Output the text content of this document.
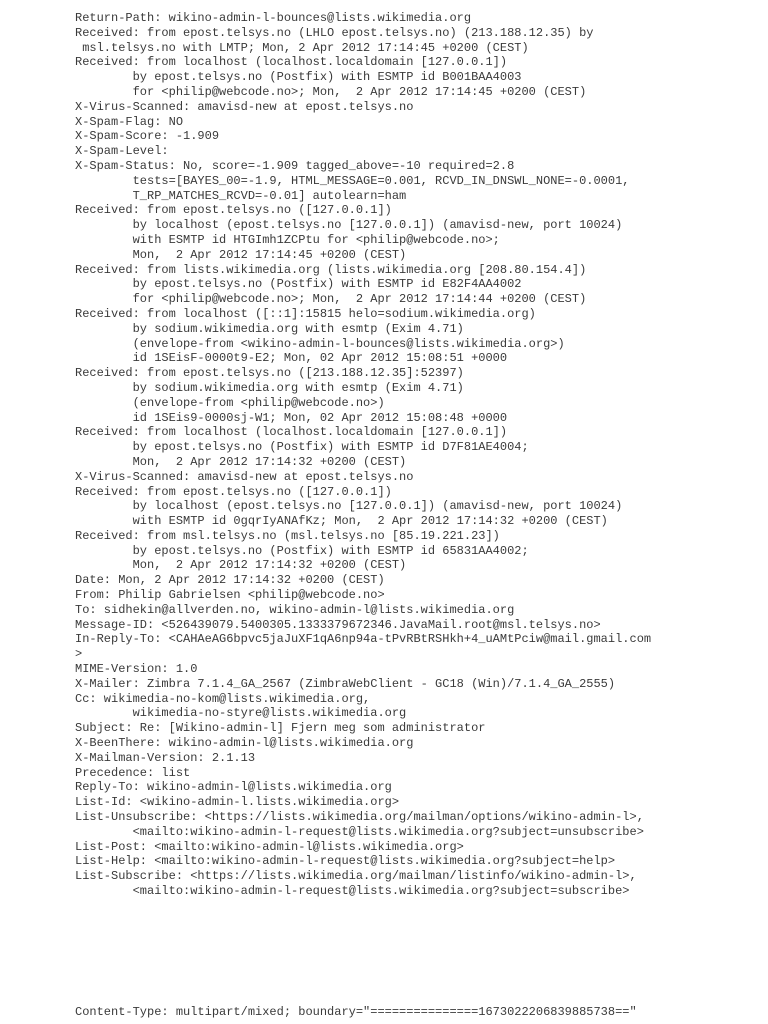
Return-Path: wikino-admin-l-bounces@lists.wikimedia.org
Received: from epost.telsys.no (LHLO epost.telsys.no) (213.188.12.35) by
msl.telsys.no with LMTP; Mon, 2 Apr 2012 17:14:45 +0200 (CEST)
Received: from localhost (localhost.localdomain [127.0.0.1])
by epost.telsys.no (Postfix) with ESMTP id B001BAA4003
for <philip@webcode.no>; Mon,  2 Apr 2012 17:14:45 +0200 (CEST)
X-Virus-Scanned: amavisd-new at epost.telsys.no
X-Spam-Flag: NO
X-Spam-Score: -1.909
X-Spam-Level:
X-Spam-Status: No, score=-1.909 tagged_above=-10 required=2.8
tests=[BAYES_00=-1.9, HTML_MESSAGE=0.001, RCVD_IN_DNSWL_NONE=-0.0001,
T_RP_MATCHES_RCVD=-0.01] autolearn=ham
Received: from epost.telsys.no ([127.0.0.1])
by localhost (epost.telsys.no [127.0.0.1]) (amavisd-new, port 10024)
with ESMTP id HTGImh1ZCPtu for <philip@webcode.no>;
Mon,  2 Apr 2012 17:14:45 +0200 (CEST)
Received: from lists.wikimedia.org (lists.wikimedia.org [208.80.154.4])
by epost.telsys.no (Postfix) with ESMTP id E82F4AA4002
for <philip@webcode.no>; Mon,  2 Apr 2012 17:14:44 +0200 (CEST)
Received: from localhost ([::1]:15815 helo=sodium.wikimedia.org)
by sodium.wikimedia.org with esmtp (Exim 4.71)
(envelope-from <wikino-admin-l-bounces@lists.wikimedia.org>)
id 1SEisF-0000t9-E2; Mon, 02 Apr 2012 15:08:51 +0000
Received: from epost.telsys.no ([213.188.12.35]:52397)
by sodium.wikimedia.org with esmtp (Exim 4.71)
(envelope-from <philip@webcode.no>)
id 1SEis9-0000sj-W1; Mon, 02 Apr 2012 15:08:48 +0000
Received: from localhost (localhost.localdomain [127.0.0.1])
by epost.telsys.no (Postfix) with ESMTP id D7F81AE4004;
Mon,  2 Apr 2012 17:14:32 +0200 (CEST)
X-Virus-Scanned: amavisd-new at epost.telsys.no
Received: from epost.telsys.no ([127.0.0.1])
by localhost (epost.telsys.no [127.0.0.1]) (amavisd-new, port 10024)
with ESMTP id 0gqrIyANAfKz; Mon,  2 Apr 2012 17:14:32 +0200 (CEST)
Received: from msl.telsys.no (msl.telsys.no [85.19.221.23])
by epost.telsys.no (Postfix) with ESMTP id 65831AA4002;
Mon,  2 Apr 2012 17:14:32 +0200 (CEST)
Date: Mon, 2 Apr 2012 17:14:32 +0200 (CEST)
From: Philip Gabrielsen <philip@webcode.no>
To: sidhekin@allverden.no, wikino-admin-l@lists.wikimedia.org
Message-ID: <526439079.5400305.1333379672346.JavaMail.root@msl.telsys.no>
In-Reply-To: <CAHAeAG6bpvc5jaJuXF1qA6np94a-tPvRBtRSHkh+4_uAMtPciw@mail.gmail.com
>
MIME-Version: 1.0
X-Mailer: Zimbra 7.1.4_GA_2567 (ZimbraWebClient - GC18 (Win)/7.1.4_GA_2555)
Cc: wikimedia-no-kom@lists.wikimedia.org,
wikimedia-no-styre@lists.wikimedia.org
Subject: Re: [Wikino-admin-l] Fjern meg som administrator
X-BeenThere: wikino-admin-l@lists.wikimedia.org
X-Mailman-Version: 2.1.13
Precedence: list
Reply-To: wikino-admin-l@lists.wikimedia.org
List-Id: <wikino-admin-l.lists.wikimedia.org>
List-Unsubscribe: <https://lists.wikimedia.org/mailman/options/wikino-admin-l>,
<mailto:wikino-admin-l-request@lists.wikimedia.org?subject=unsubscribe>
List-Post: <mailto:wikino-admin-l@lists.wikimedia.org>
List-Help: <mailto:wikino-admin-l-request@lists.wikimedia.org?subject=help>
List-Subscribe: <https://lists.wikimedia.org/mailman/listinfo/wikino-admin-l>,
<mailto:wikino-admin-l-request@lists.wikimedia.org?subject=subscribe>
Content-Type: multipart/mixed; boundary="===============1673022206839885738=="
